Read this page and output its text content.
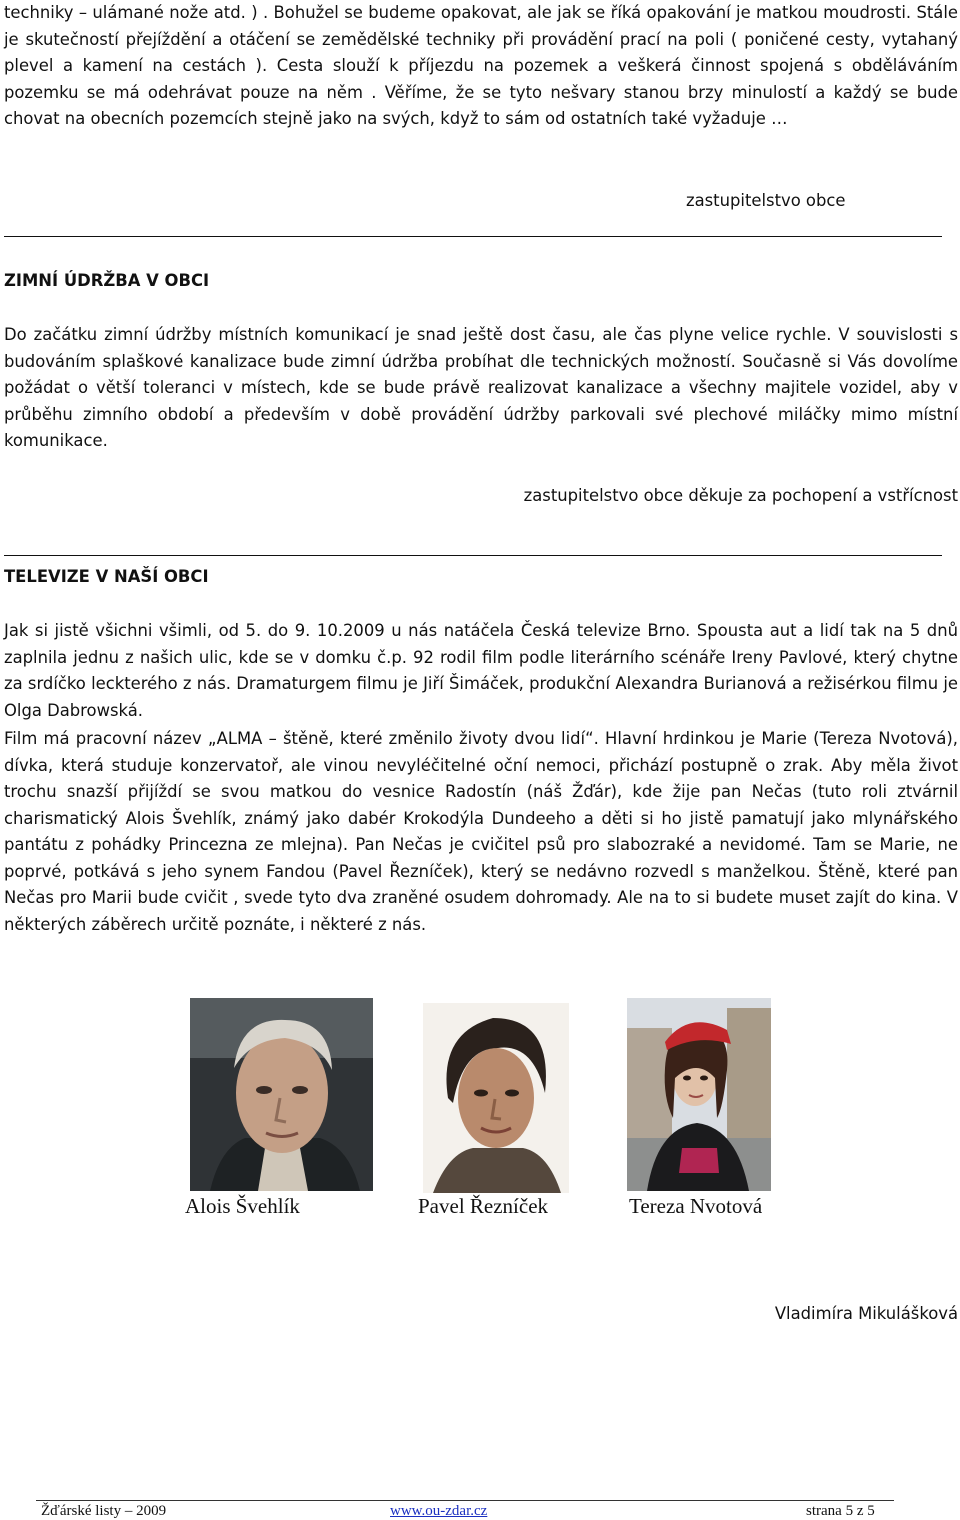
techniky – ulámané nože atd. ) . Bohužel se budeme opakovat, ale jak se říká opakování je matkou moudrosti. Stále je skutečností přejíždění a otáčení se zemědělské techniky při provádění prací na poli ( poničené cesty, vytahaný plevel a kamení na cestách ). Cesta slouží k příjezdu na pozemek a veškerá činnost spojená s obděláváním pozemku se má odehrávat pouze na něm . Věříme, že se tyto nešvary stanou brzy minulostí a každý se bude chovat na obecních pozemcích stejně jako na svých, když to sám od ostatních také vyžaduje …

zastupitelstvo obce
ZIMNÍ ÚDRŽBA V OBCI

Do začátku zimní údržby místních komunikací je snad ještě dost času, ale čas plyne velice rychle. V souvislosti s budováním splaškové kanalizace bude zimní údržba probíhat dle technických možností. Současně si Vás dovolíme požádat o větší toleranci v místech, kde se bude právě realizovat kanalizace a všechny majitele vozidel, aby v průběhu zimního období a především v době provádění údržby parkovali své plechové miláčky mimo místní komunikace.

zastupitelstvo obce děkuje za pochopení a vstřícnost
TELEVIZE V NAŠÍ OBCI

Jak si jistě všichni všimli, od 5. do 9. 10.2009 u nás natáčela Česká televize Brno. Spousta aut a lidí tak na 5 dnů zaplnila jednu z našich ulic, kde se v domku č.p. 92 rodil film podle literárního scénáře Ireny Pavlové, který chytne za srdíčko leckterého z nás. Dramaturgem filmu je Jiří Šimáček, produkční Alexandra Burianová a režisérkou filmu je Olga Dabrowská.

Film má pracovní název „ALMA – štěně, které změnilo životy dvou lidí“. Hlavní hrdinkou je Marie (Tereza Nvotová), dívka, která studuje konzervatoř, ale vinou nevyléčitelné oční nemoci, přichází postupně o zrak. Aby měla život trochu snazší přijíždí se svou matkou do vesnice Radostín (náš Žďár), kde žije pan Nečas (tuto roli ztvárnil charismatický Alois Švehlík, známý jako dabér Krokodýla Dundeeho a děti si ho jistě pamatují jako mlynářského pantátu z pohádky Princezna ze mlejna). Pan Nečas je cvičitel psů pro slabozraké a nevidomé. Tam se Marie, ne poprvé, potkává s jeho synem Fandou (Pavel Řezníček), který se nedávno rozvedl s manželkou. Štěně, které pan Nečas pro Marii bude cvičit , svede tyto dva zraněné osudem dohromady. Ale na to si budete muset zajít do kina. V některých záběrech určitě poznáte, i některé z nás.

Alois Švehlík	Pavel Řezníček	Tereza Nvotová
Vladimíra Mikulášková
Žďárské listy – 2009	www.ou-zdar.cz	strana 5 z 5
